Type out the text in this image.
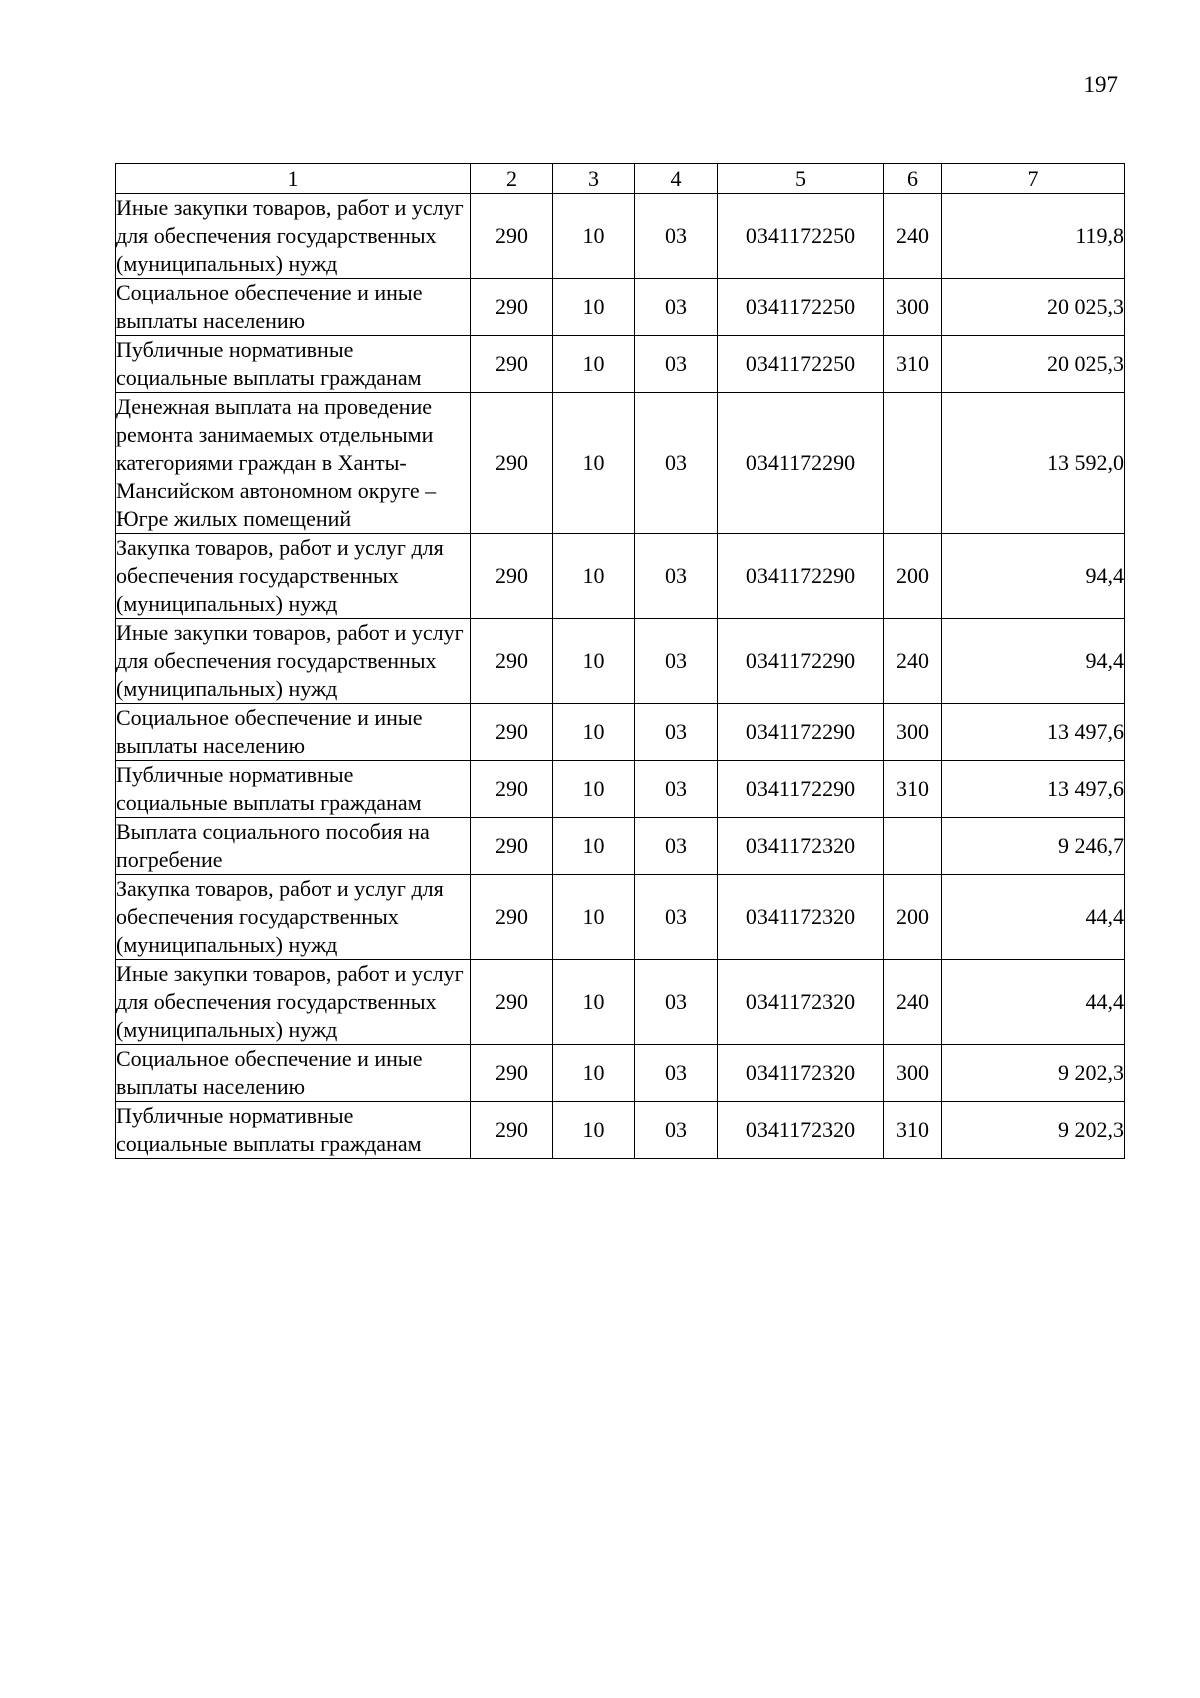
197
1	2	3	4	5	6	7
Иные закупки товаров, работ и услуг для обеспечения государственных (муниципальных) нужд	290	10	03	0341172250	240	119,8
Социальное обеспечение и иные выплаты населению	290	10	03	0341172250	300	20 025,3
Публичные нормативные социальные выплаты гражданам	290	10	03	0341172250	310	20 025,3
Денежная выплата на проведение ремонта занимаемых отдельными категориями граждан в Ханты-Мансийском автономном округе – Югре жилых помещений	290	10	03	0341172290		13 592,0
Закупка товаров, работ и услуг для обеспечения государственных (муниципальных) нужд	290	10	03	0341172290	200	94,4
Иные закупки товаров, работ и услуг для обеспечения государственных (муниципальных) нужд	290	10	03	0341172290	240	94,4
Социальное обеспечение и иные выплаты населению	290	10	03	0341172290	300	13 497,6
Публичные нормативные социальные выплаты гражданам	290	10	03	0341172290	310	13 497,6
Выплата социального пособия на погребение	290	10	03	0341172320		9 246,7
Закупка товаров, работ и услуг для обеспечения государственных (муниципальных) нужд	290	10	03	0341172320	200	44,4
Иные закупки товаров, работ и услуг для обеспечения государственных (муниципальных) нужд	290	10	03	0341172320	240	44,4
Социальное обеспечение и иные выплаты населению	290	10	03	0341172320	300	9 202,3
Публичные нормативные социальные выплаты гражданам	290	10	03	0341172320	310	9 202,3
